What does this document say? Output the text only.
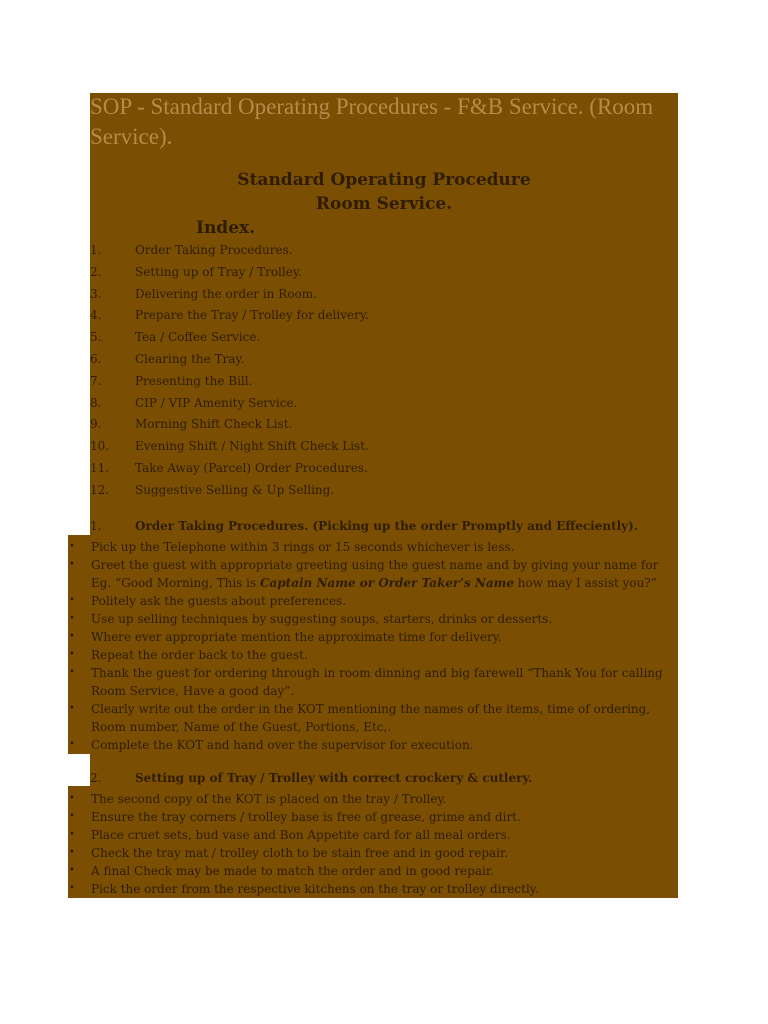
SOP - Standard Operating Procedures - F&B Service. (Room Service).
Standard Operating Procedure
Room Service.
Index.
1.	Order Taking Procedures.
2.	Setting up of Tray / Trolley.
3.	Delivering the order in Room.
4.	Prepare the Tray / Trolley for delivery.
5.	Tea / Coffee Service.
6.	Clearing the Tray.
7.	Presenting the Bill.
8.	CIP / VIP Amenity Service.
9.	Morning Shift Check List.
10. Evening Shift / Night Shift Check List.
11. Take Away (Parcel) Order Procedures.
12. Suggestive Selling & Up Selling.
1.	Order Taking Procedures. (Picking up the order Promptly and Effeciently).
• Pick up the Telephone within 3 rings or 15 seconds whichever is less.
• Greet the guest with appropriate greeting using the guest name and by giving your name for Eg. “Good Morning, This is Captain Name or Order Taker’s Name how may I assist you?”
• Politely ask the guests about preferences.
• Use up selling techniques by suggesting soups, starters, drinks or desserts.
• Where ever appropriate mention the approximate time for delivery.
• Repeat the order back to the guest.
• Thank the guest for ordering through in room dinning and big farewell “Thank You for calling Room Service, Have a good day”.
• Clearly write out the order in the KOT mentioning the names of the items, time of ordering, Room number, Name of the Guest, Portions, Etc,.
• Complete the KOT and hand over the supervisor for execution.
2.	Setting up of Tray / Trolley with correct crockery & cutlery.
• The second copy of the KOT is placed on the tray / Trolley.
• Ensure the tray corners / trolley base is free of grease, grime and dirt.
• Place cruet sets, bud vase and Bon Appetite card for all meal orders.
• Check the tray mat / trolley cloth to be stain free and in good repair.
• A final Check may be made to match the order and in good repair.
• Pick the order from the respective kitchens on the tray or trolley directly.
